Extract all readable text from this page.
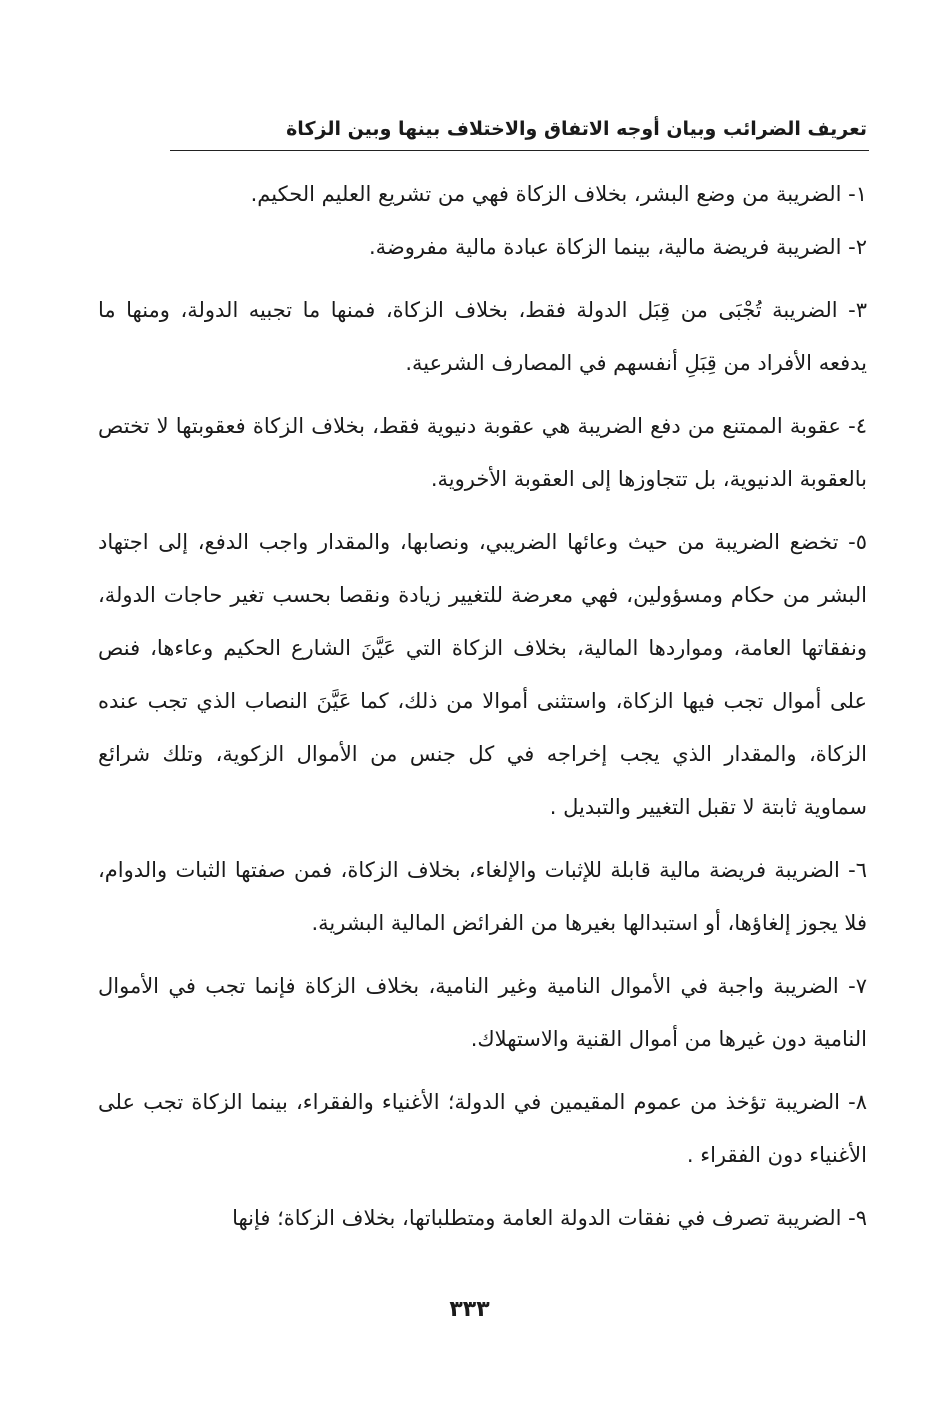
تعريف الضرائب وبيان أوجه الاتفاق والاختلاف بينها وبين الزكاة

١- الضريبة من وضع البشر، بخلاف الزكاة فهي من تشريع العليم الحكيم.

٢- الضريبة فريضة مالية، بينما الزكاة عبادة مالية مفروضة.

٣- الضريبة تُجْبَى من قِبَل الدولة فقط، بخلاف الزكاة، فمنها ما تجبيه الدولة، ومنها ما يدفعه الأفراد من قِبَلِ أنفسهم في المصارف الشرعية.

٤- عقوبة الممتنع من دفع الضريبة هي عقوبة دنيوية فقط، بخلاف الزكاة فعقوبتها لا تختص بالعقوبة الدنيوية، بل تتجاوزها إلى العقوبة الأخروية.

٥- تخضع الضريبة من حيث وعائها الضريبي، ونصابها، والمقدار واجب الدفع، إلى اجتهاد البشر من حكام ومسؤولين، فهي معرضة للتغيير زيادة ونقصا بحسب تغير حاجات الدولة، ونفقاتها العامة، ومواردها المالية، بخلاف الزكاة التي عَيَّنَ الشارع الحكيم وعاءها، فنص على أموال تجب فيها الزكاة، واستثنى أموالا من ذلك، كما عَيَّنَ النصاب الذي تجب عنده الزكاة، والمقدار الذي يجب إخراجه في كل جنس من الأموال الزكوية، وتلك شرائع سماوية ثابتة لا تقبل التغيير والتبديل .

٦- الضريبة فريضة مالية قابلة للإثبات والإلغاء، بخلاف الزكاة، فمن صفتها الثبات والدوام، فلا يجوز إلغاؤها، أو استبدالها بغيرها من الفرائض المالية البشرية.

٧- الضريبة واجبة في الأموال النامية وغير النامية، بخلاف الزكاة فإنما تجب في الأموال النامية دون غيرها من أموال القنية والاستهلاك.

٨- الضريبة تؤخذ من عموم المقيمين في الدولة؛ الأغنياء والفقراء، بينما الزكاة تجب على الأغنياء دون الفقراء .

٩- الضريبة تصرف في نفقات الدولة العامة ومتطلباتها، بخلاف الزكاة؛ فإنها

٣٣٣
